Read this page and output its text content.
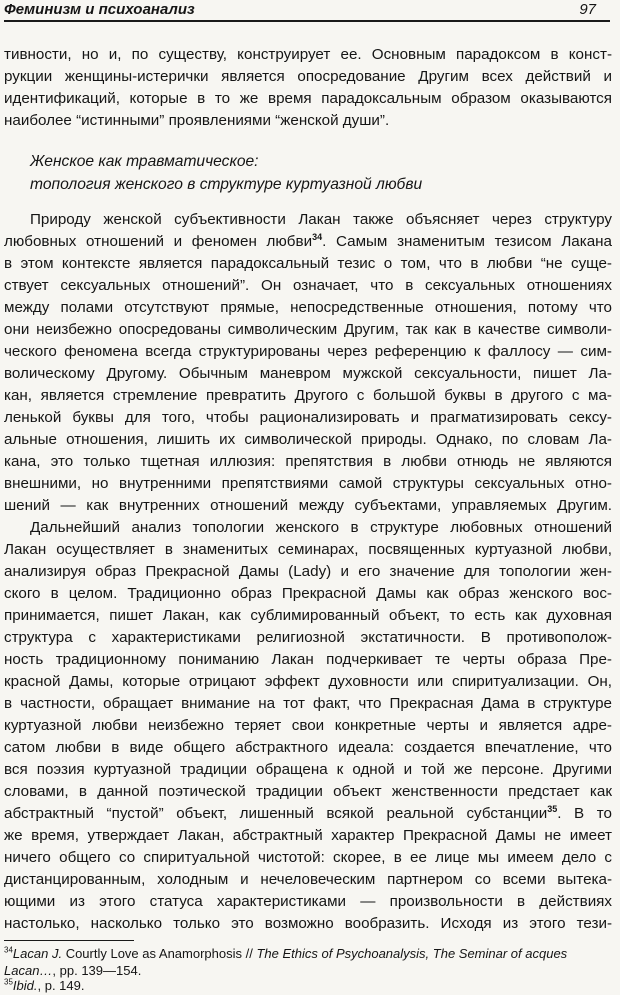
Феминизм и психоанализ	97
тивности, но и, по существу, конструирует ее. Основным парадоксом в конст-
рукции женщины-истерички является опосредование Другим всех действий и
идентификаций, которые в то же время парадоксальным образом оказываются
наиболее “истинными” проявлениями “женской души”.
Женское как травматическое:
топология женского в структуре куртуазной любви
Природу женской субъективности Лакан также объясняет через структуру
любовных отношений и феномен любви$^{34}$. Самым знаменитым тезисом Лакана
в этом контексте является парадоксальный тезис о том, что в любви “не суще-
ствует сексуальных отношений”. Он означает, что в сексуальных отношениях
между полами отсутствуют прямые, непосредственные отношения, потому что
они неизбежно опосредованы символическим Другим, так как в качестве символи-
ческого феномена всегда структурированы через референцию к фаллосу — сим-
волическому Другому. Обычным маневром мужской сексуальности, пишет Ла-
кан, является стремление превратить Другого с большой буквы в другого с ма-
ленькой буквы для того, чтобы рационализировать и прагматизировать сексу-
альные отношения, лишить их символической природы. Однако, по словам Ла-
кана, это только тщетная иллюзия: препятствия в любви отнюдь не являются
внешними, но внутренними препятствиями самой структуры сексуальных отно-
шений — как внутренних отношений между субъектами, управляемых Другим.
Дальнейший анализ топологии женского в структуре любовных отношений
Лакан осуществляет в знаменитых семинарах, посвященных куртуазной любви,
анализируя образ Прекрасной Дамы (Lady) и его значение для топологии жен-
ского в целом. Традиционно образ Прекрасной Дамы как образ женского вос-
принимается, пишет Лакан, как сублимированный объект, то есть как духовная
структура с характеристиками религиозной экстатичности. В противополож-
ность традиционному пониманию Лакан подчеркивает те черты образа Пре-
красной Дамы, которые отрицают эффект духовности или спиритуализации. Он,
в частности, обращает внимание на тот факт, что Прекрасная Дама в структуре
куртуазной любви неизбежно теряет свои конкретные черты и является адре-
сатом любви в виде общего абстрактного идеала: создается впечатление, что
вся поэзия куртуазной традиции обращена к одной и той же персоне. Другими
словами, в данной поэтической традиции объект женственности предстает как
абстрактный “пустой” объект, лишенный всякой реальной субстанции$^{35}$. В то
же время, утверждает Лакан, абстрактный характер Прекрасной Дамы не имеет
ничего общего со спиритуальной чистотой: скорее, в ее лице мы имеем дело с
дистанцированным, холодным и нечеловеческим партнером со всеми вытека-
ющими из этого статуса характеристиками — произвольности в действиях
настолько, насколько только это возможно вообразить. Исходя из этого тези-
$^{34}$Lacan J. Courtly Love as Anamorphosis // The Ethics of Psychoanalysis, The Seminar of acques
Lacan…, pp. 139—154.
$^{35}$Ibid., p. 149.
